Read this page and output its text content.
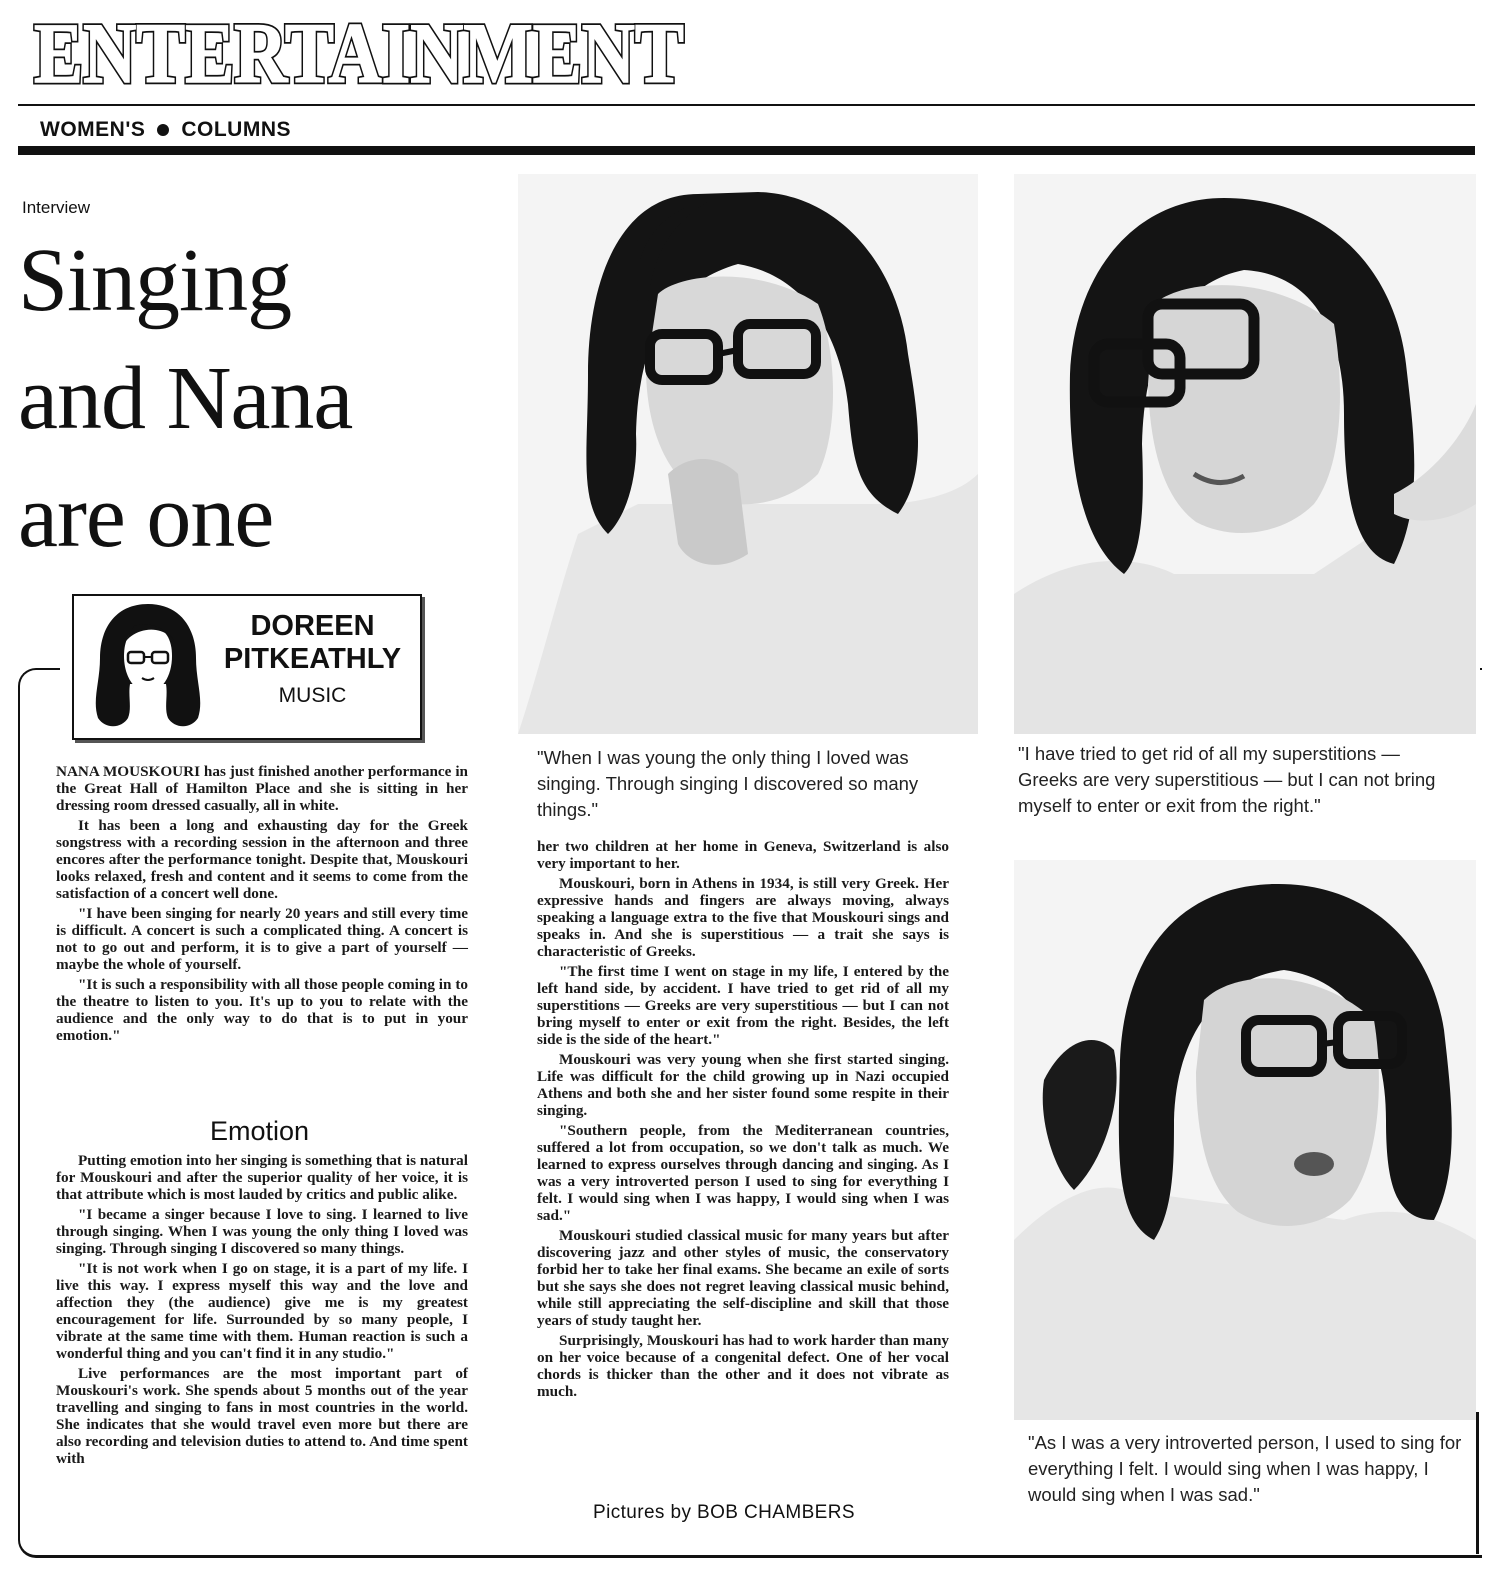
ENTERTAINMENT
ENTERTAINMENT
WOMEN'S COLUMNS
Interview
Singing
and Nana
are one
DOREEN
PITKEATHLY
MUSIC

NANA MOUSKOURI has just finished another performance in the Great Hall of Hamilton Place and she is sitting in her dressing room dressed casually, all in white.

It has been a long and exhausting day for the Greek songstress with a recording session in the afternoon and three encores after the performance tonight. Despite that, Mouskouri looks relaxed, fresh and content and it seems to come from the satisfaction of a concert well done.

"I have been singing for nearly 20 years and still every time is difficult. A concert is such a complicated thing. A concert is not to go out and perform, it is to give a part of yourself — maybe the whole of yourself.

"It is such a responsibility with all those people coming in to the theatre to listen to you. It's up to you to relate with the audience and the only way to do that is to put in your emotion."

Emotion

Putting emotion into her singing is something that is natural for Mouskouri and after the superior quality of her voice, it is that attribute which is most lauded by critics and public alike.

"I became a singer because I love to sing. I learned to live through singing. When I was young the only thing I loved was singing. Through singing I discovered so many things.

"It is not work when I go on stage, it is a part of my life. I live this way. I express myself this way and the love and affection they (the audience) give me is my greatest encouragement for life. Surrounded by so many people, I vibrate at the same time with them. Human reaction is such a wonderful thing and you can't find it in any studio."

Live performances are the most important part of Mouskouri's work. She spends about 5 months out of the year travelling and singing to fans in most countries in the world. She indicates that she would travel even more but there are also recording and television duties to attend to. And time spent with

"When I was young the only thing I loved was singing. Through singing I discovered so many things."

her two children at her home in Geneva, Switzerland is also very important to her.

Mouskouri, born in Athens in 1934, is still very Greek. Her expressive hands and fingers are always moving, always speaking a language extra to the five that Mouskouri sings and speaks in. And she is superstitious — a trait she says is characteristic of Greeks.

"The first time I went on stage in my life, I entered by the left hand side, by accident. I have tried to get rid of all my superstitions — Greeks are very superstitious — but I can not bring myself to enter or exit from the right. Besides, the left side is the side of the heart."

Mouskouri was very young when she first started singing. Life was difficult for the child growing up in Nazi occupied Athens and both she and her sister found some respite in their singing.

"Southern people, from the Mediterranean countries, suffered a lot from occupation, so we don't talk as much. We learned to express ourselves through dancing and singing. As I was a very introverted person I used to sing for everything I felt. I would sing when I was happy, I would sing when I was sad."

Mouskouri studied classical music for many years but after discovering jazz and other styles of music, the conservatory forbid her to take her final exams. She became an exile of sorts but she says she does not regret leaving classical music behind, while still appreciating the self-discipline and skill that those years of study taught her.

Surprisingly, Mouskouri has had to work harder than many on her voice because of a congenital defect. One of her vocal chords is thicker than the other and it does not vibrate as much.

Pictures by BOB CHAMBERS
"I have tried to get rid of all my superstitions — Greeks are very superstitious — but I can not bring myself to enter or exit from the right."
"As I was a very introverted person, I used to sing for everything I felt. I would sing when I was happy, I would sing when I was sad."
